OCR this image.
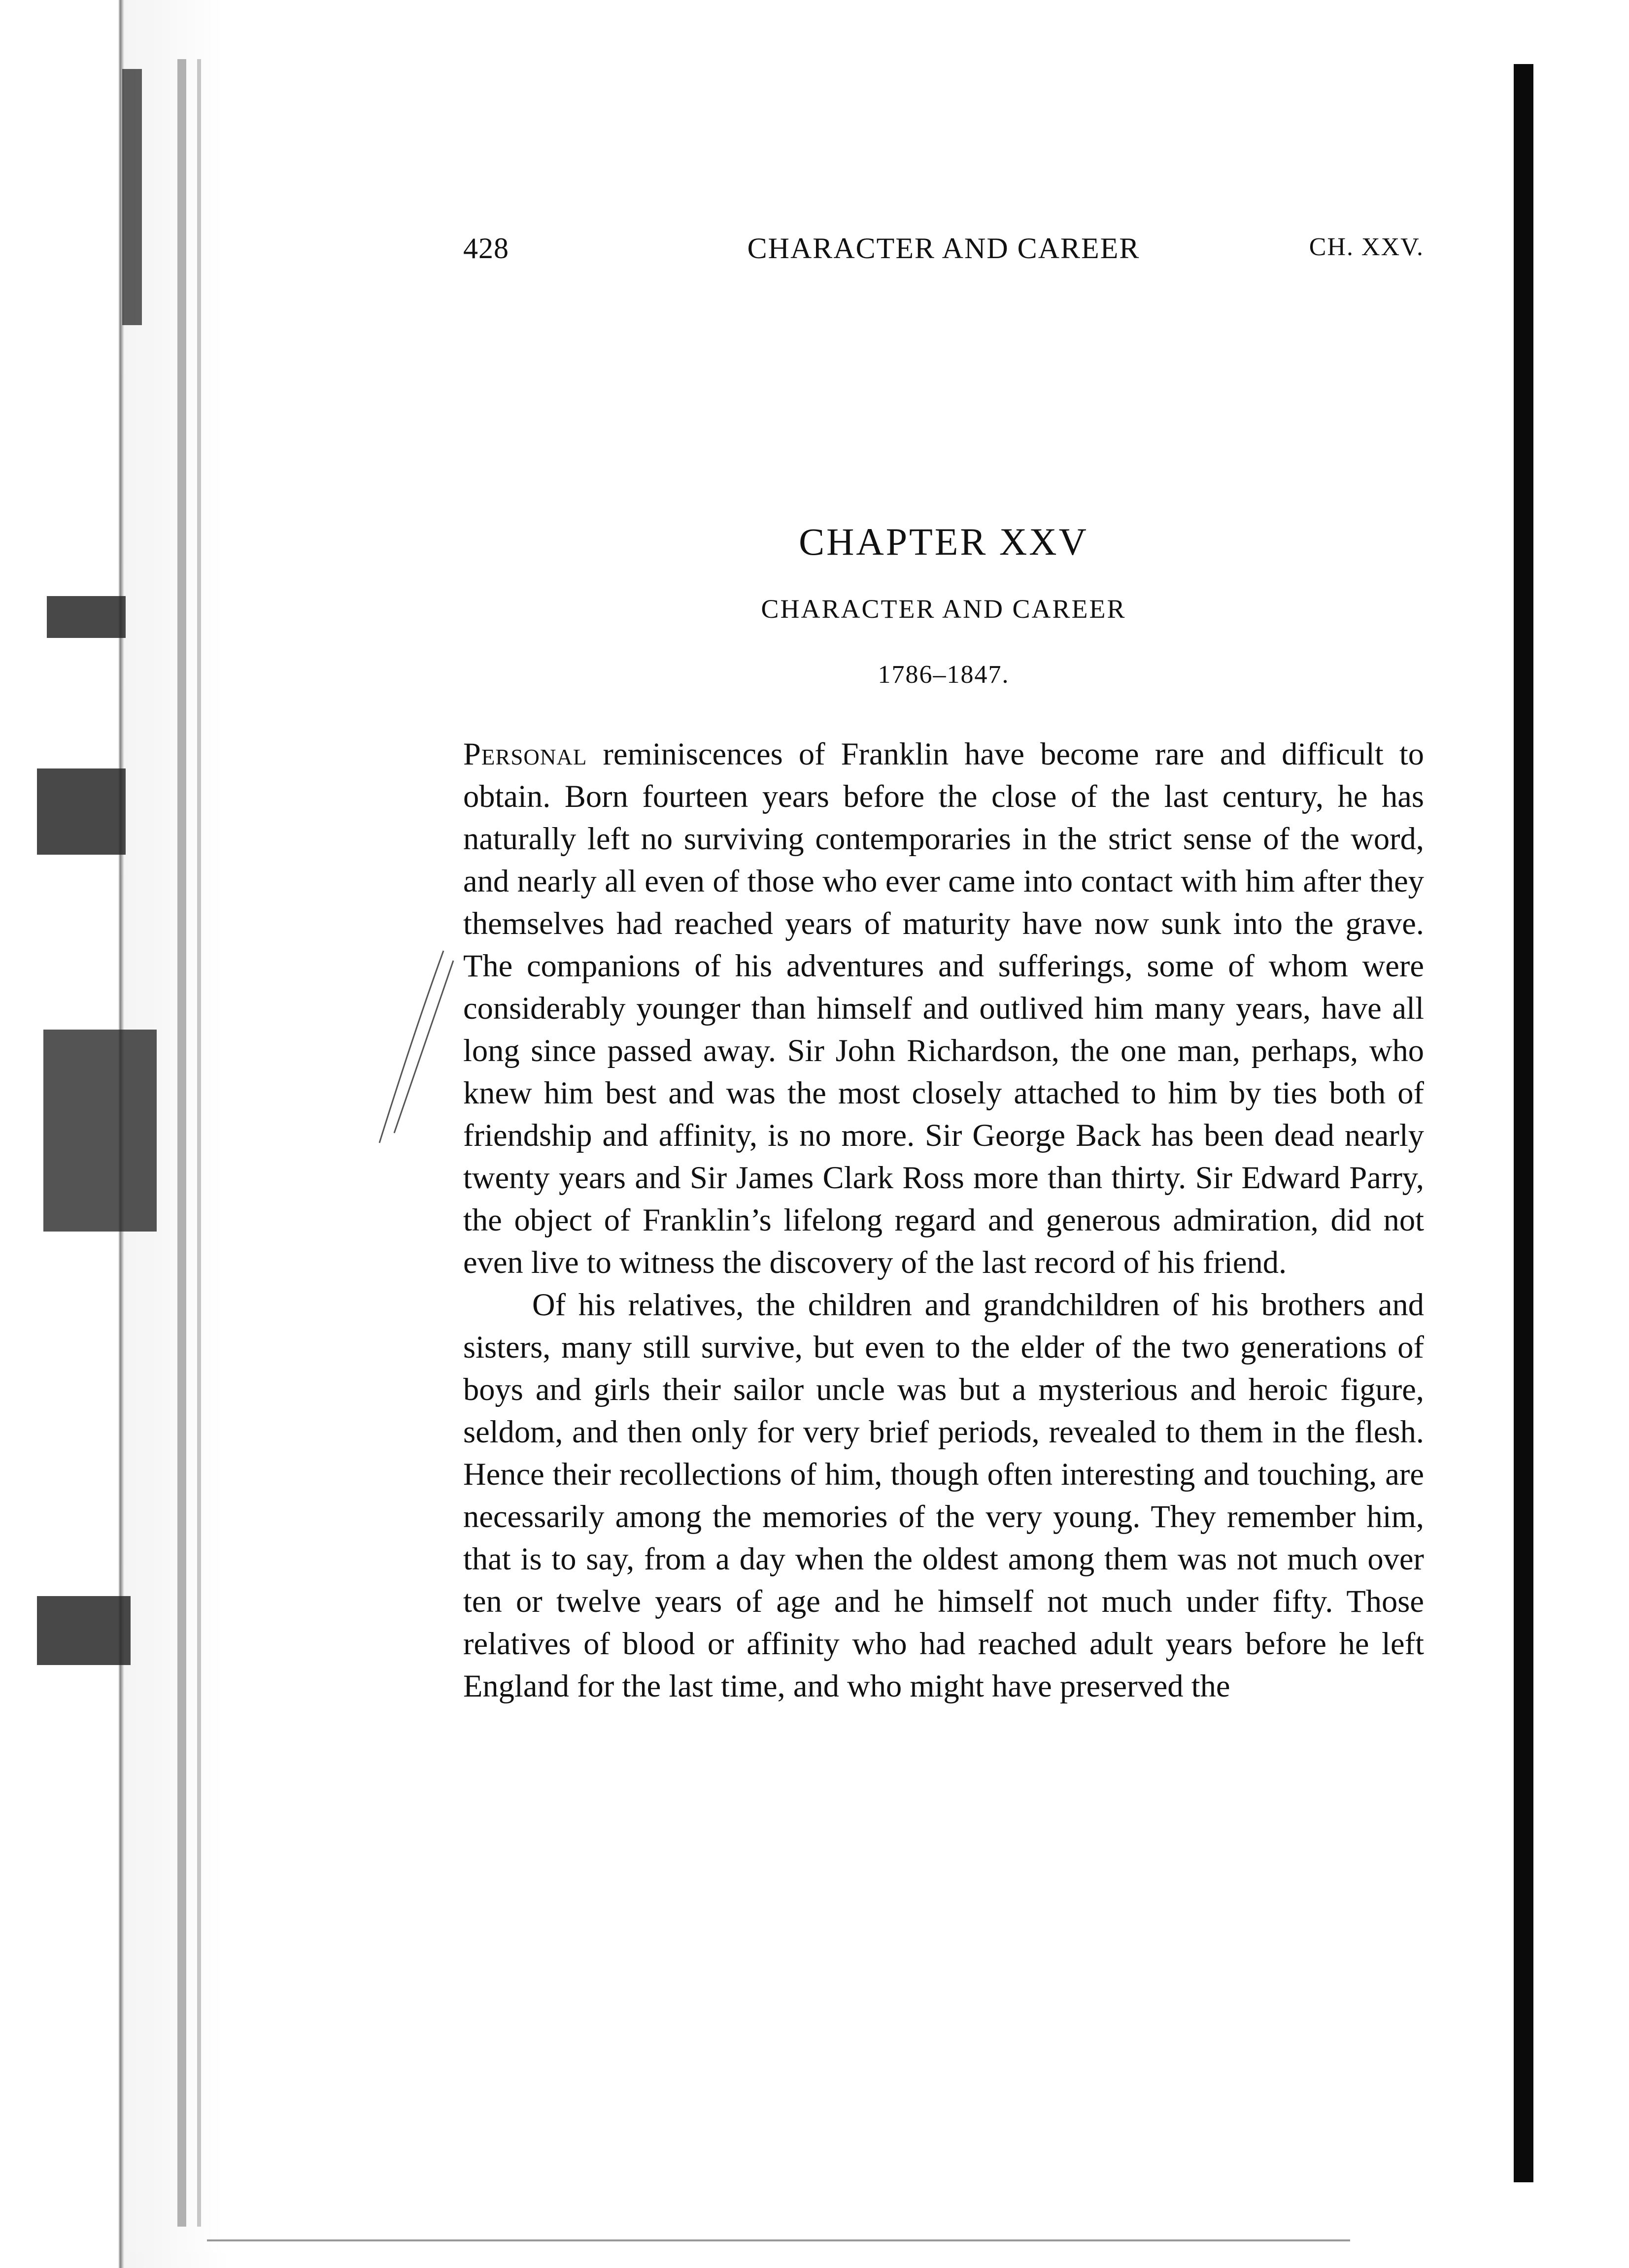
428	CHARACTER AND CAREER	CH. XXV.
CHAPTER XXV
CHARACTER AND CAREER
1786–1847.

Personal reminiscences of Franklin have become rare and difficult to obtain. Born fourteen years before the close of the last century, he has naturally left no surviving contemporaries in the strict sense of the word, and nearly all even of those who ever came into contact with him after they themselves had reached years of maturity have now sunk into the grave. The companions of his adventures and sufferings, some of whom were considerably younger than himself and outlived him many years, have all long since passed away. Sir John Richardson, the one man, perhaps, who knew him best and was the most closely attached to him by ties both of friendship and affinity, is no more. Sir George Back has been dead nearly twenty years and Sir James Clark Ross more than thirty. Sir Edward Parry, the object of Franklin’s lifelong regard and generous admiration, did not even live to witness the discovery of the last record of his friend.

Of his relatives, the children and grandchildren of his brothers and sisters, many still survive, but even to the elder of the two generations of boys and girls their sailor uncle was but a mysterious and heroic figure, seldom, and then only for very brief periods, revealed to them in the flesh. Hence their recollections of him, though often interesting and touching, are necessarily among the memories of the very young. They remember him, that is to say, from a day when the oldest among them was not much over ten or twelve years of age and he himself not much under fifty. Those relatives of blood or affinity who had reached adult years before he left England for the last time, and who might have preserved the
